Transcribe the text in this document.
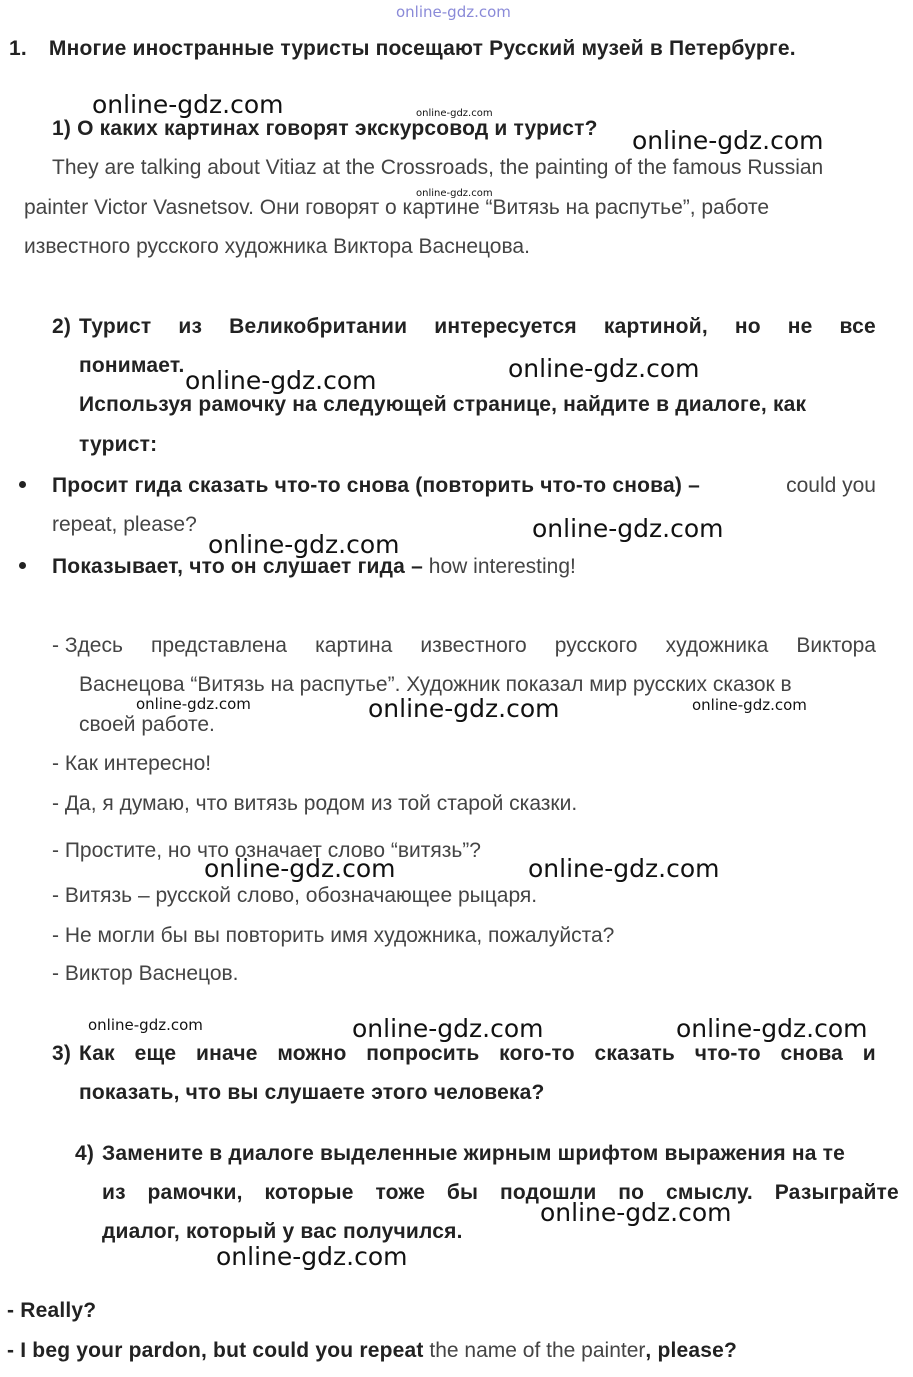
online-gdz.com
1. Многие иностранные туристы посещают Русский музей в Петербурге.
1) О каких картинах говорят экскурсовод и турист?
They are talking about Vitiaz at the Crossroads, the painting of the famous Russian
painter Victor Vasnetsov. Они говорят о картине “Витязь на распутье”, работе
известного русского художника Виктора Васнецова.
2) Турист из Великобритании интересуется картиной, но не все
понимает.
Используя рамочку на следующей странице, найдите в диалоге, как
турист:
Просит гида сказать что-то снова (повторить что-то снова) –	could you
repeat, please?
Показывает, что он слушает гида – how interesting!
- Здесь представлена картина известного русского художника Виктора
Васнецова “Витязь на распутье”. Художник показал мир русских сказок в
своей работе.
- Как интересно!
- Да, я думаю, что витязь родом из той старой сказки.
- Простите, но что означает слово “витязь”?
- Витязь – русской слово, обозначающее рыцаря.
- Не могли бы вы повторить имя художника, пожалуйста?
- Виктор Васнецов.
3) Как еще иначе можно попросить кого-то сказать что-то снова и
показать, что вы слушаете этого человека?
4) Замените в диалоге выделенные жирным шрифтом выражения на те
из рамочки, которые тоже бы подошли по смыслу. Разыграйте
диалог, который у вас получился.
- Really?
- I beg your pardon, but could you repeat the name of the painter, please?
online-gdz.com	online-gdz.com
online-gdz.com
online-gdz.com
online-gdz.com	online-gdz.com
online-gdz.com
online-gdz.com
online-gdz.com	online-gdz.com	online-gdz.com
online-gdz.com	online-gdz.com
online-gdz.com	online-gdz.com	online-gdz.com
online-gdz.com
online-gdz.com
